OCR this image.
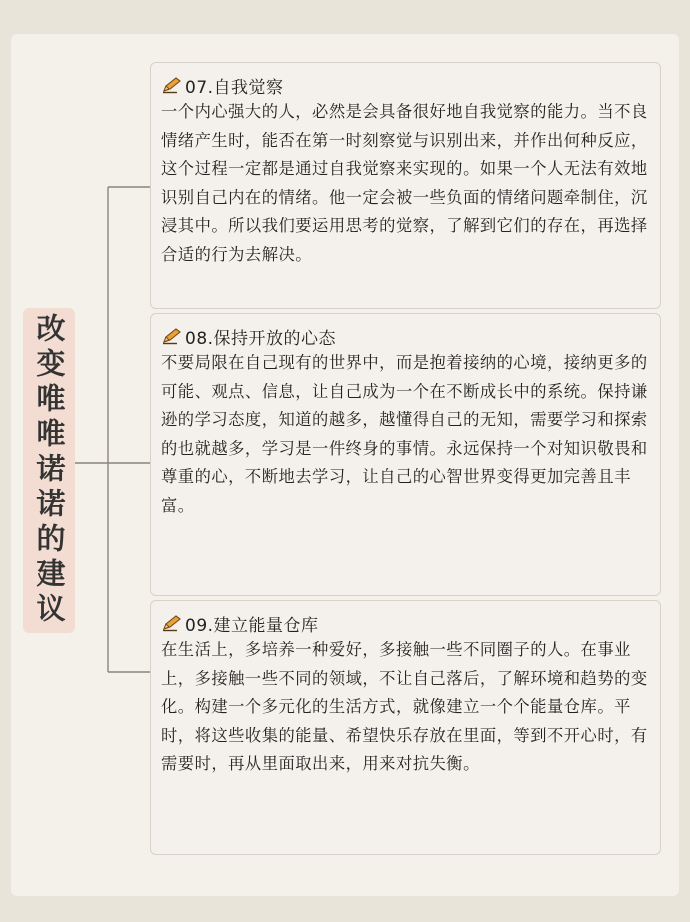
改变唯唯诺诺的建议
07.自我觉察
一个内心强大的人，必然是会具备很好地自我觉察的能力。当不良情绪产生时，能否在第一时刻察觉与识别出来，并作出何种反应，这个过程一定都是通过自我觉察来实现的。如果一个人无法有效地识别自己内在的情绪。他一定会被一些负面的情绪问题牵制住，沉浸其中。所以我们要运用思考的觉察，了解到它们的存在，再选择合适的行为去解决。
08.保持开放的心态
不要局限在自己现有的世界中，而是抱着接纳的心境，接纳更多的可能、观点、信息，让自己成为一个在不断成长中的系统。保持谦逊的学习态度，知道的越多，越懂得自己的无知，需要学习和探索的也就越多，学习是一件终身的事情。永远保持一个对知识敬畏和尊重的心，不断地去学习，让自己的心智世界变得更加完善且丰富。
09.建立能量仓库
在生活上，多培养一种爱好，多接触一些不同圈子的人。在事业上，多接触一些不同的领域，不让自己落后，了解环境和趋势的变化。构建一个多元化的生活方式，就像建立一个个能量仓库。平时，将这些收集的能量、希望快乐存放在里面，等到不开心时，有需要时，再从里面取出来，用来对抗失衡。
